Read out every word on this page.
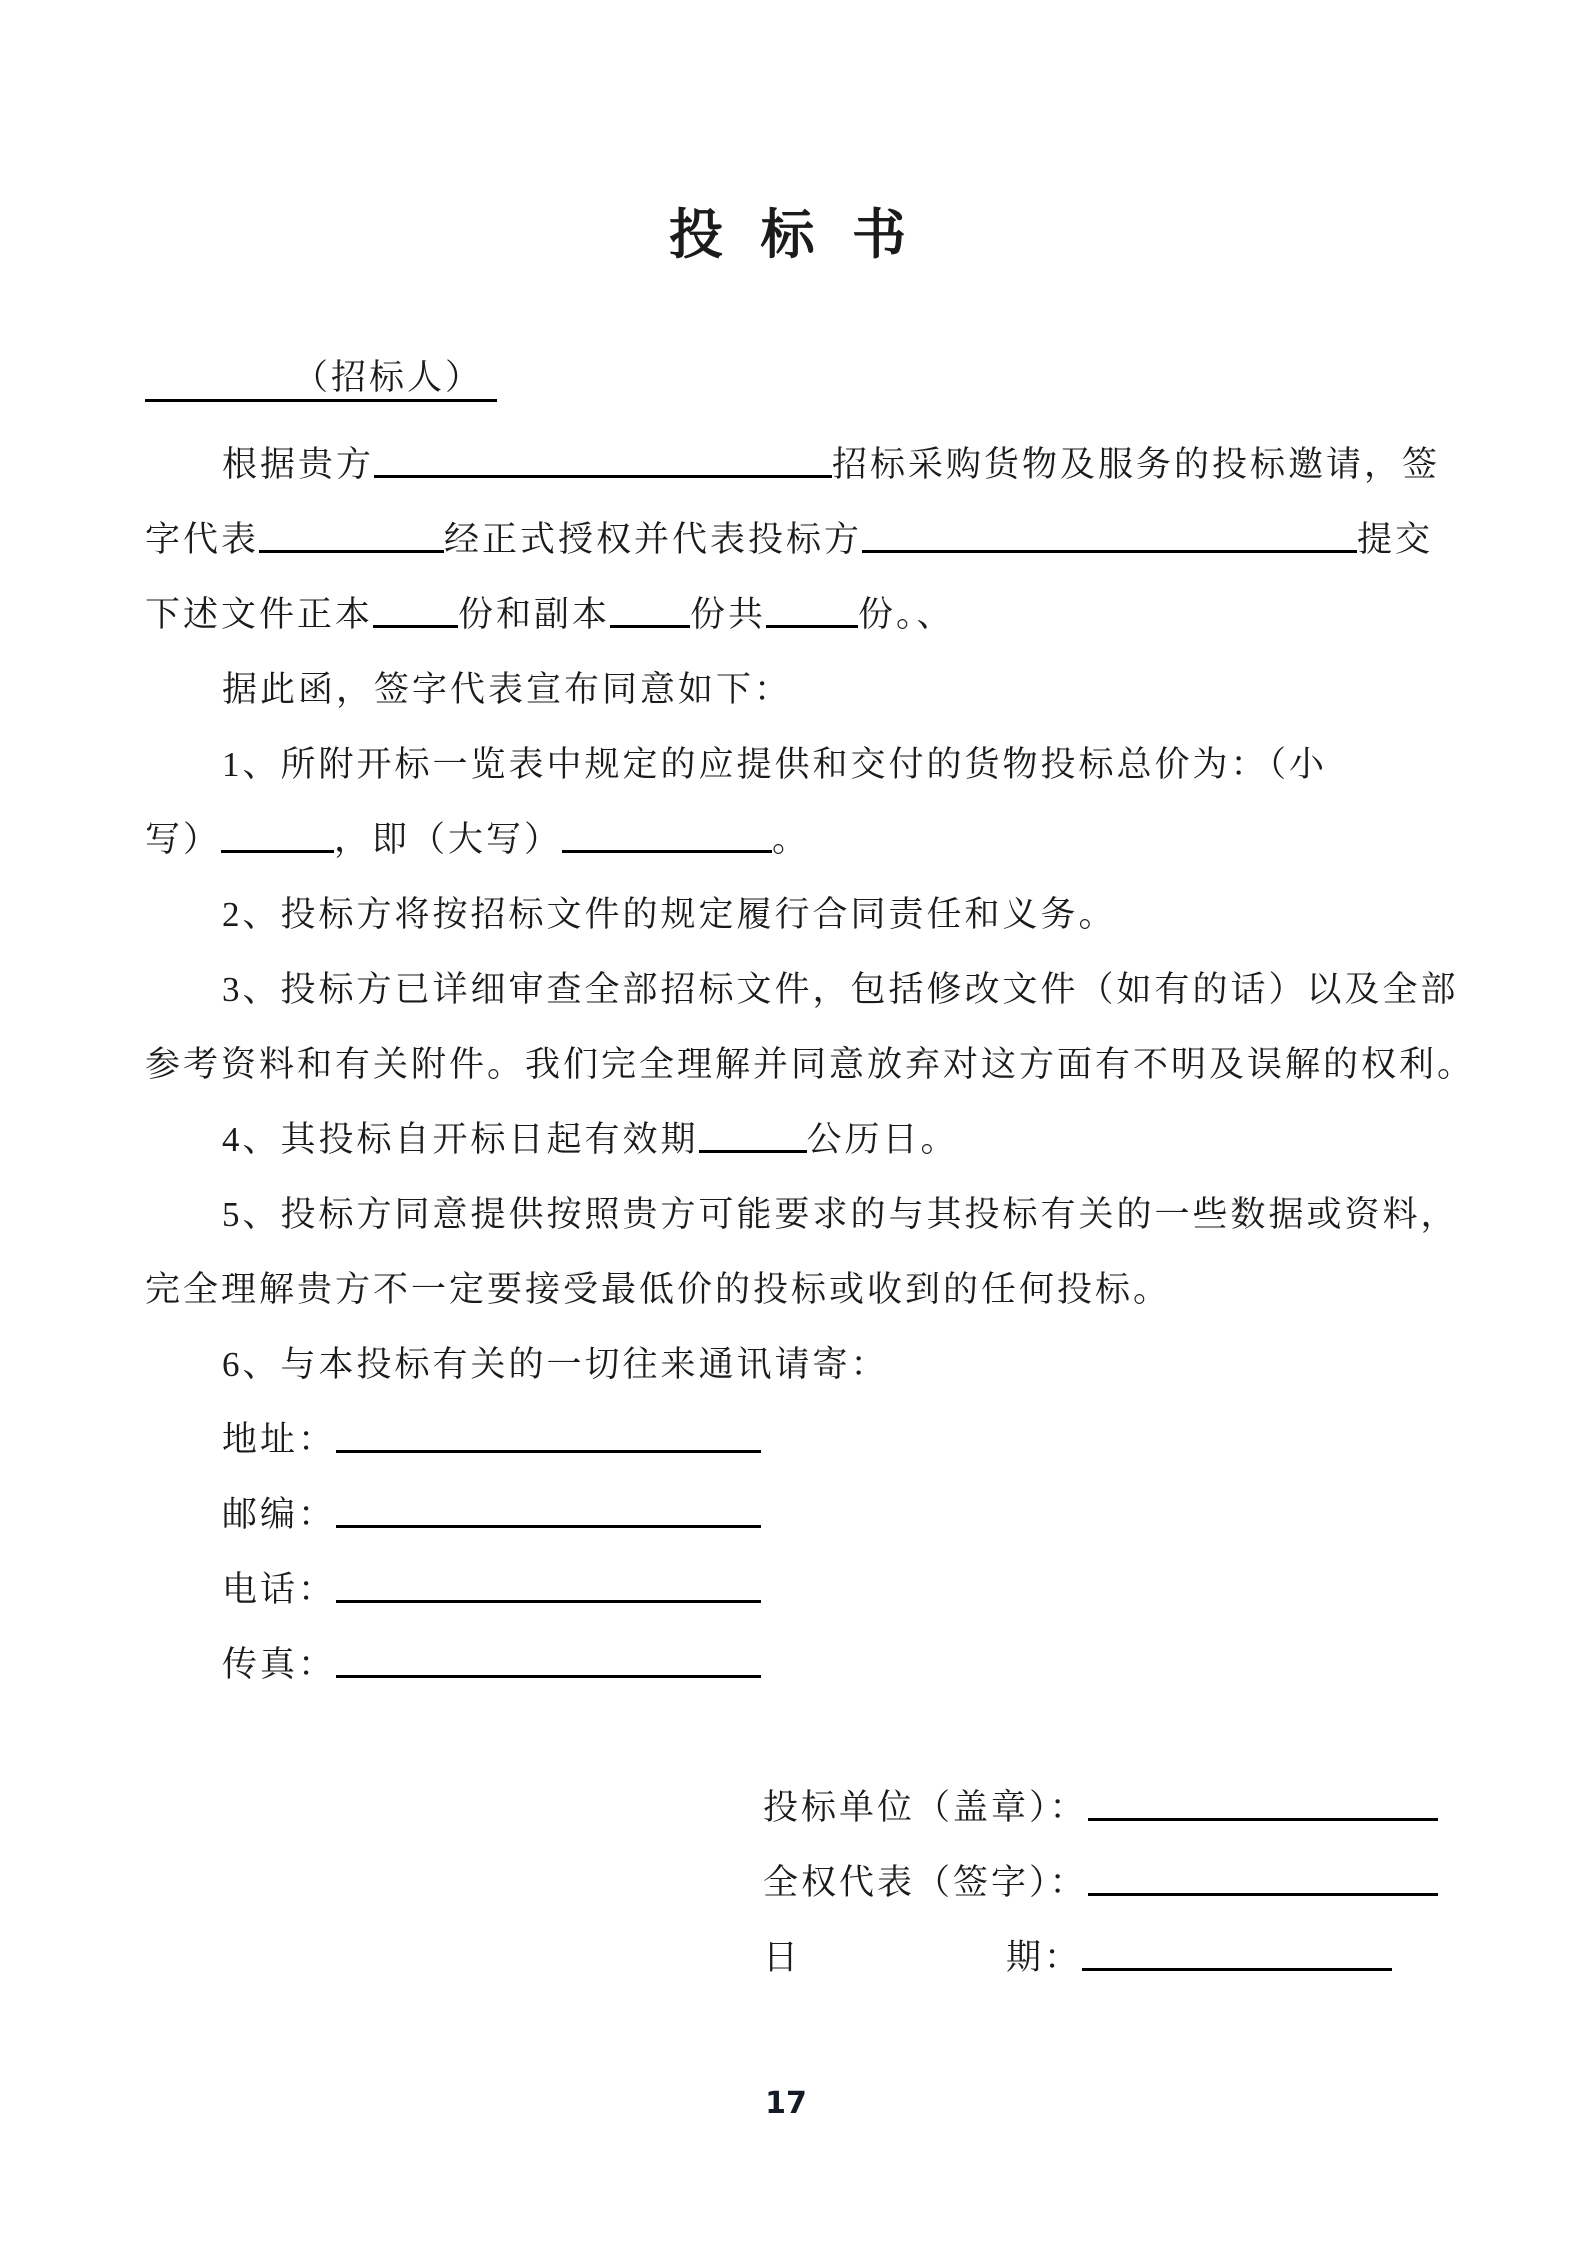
投 标 书
（招标人）
根据贵方	招标采购货物及服务的投标邀请，签
字代表	经正式授权并代表投标方	提交
下述文件正本 份和副本 份共	份。、
据此函，签字代表宣布同意如下：
1、所附开标一览表中规定的应提供和交付的货物投标总价为：（小
写）	，即（大写）	。
2、投标方将按招标文件的规定履行合同责任和义务。
3、投标方已详细审查全部招标文件，包括修改文件（如有的话）以及全部
参考资料和有关附件。我们完全理解并同意放弃对这方面有不明及误解的权利。
4、其投标自开标日起有效期	公历日。
5、投标方同意提供按照贵方可能要求的与其投标有关的一些数据或资料，
完全理解贵方不一定要接受最低价的投标或收到的任何投标。
6、与本投标有关的一切往来通讯请寄：
地址：
邮编：
电话：
传真：
投标单位（盖章）：
全权代表（签字）：
日	期：
17
